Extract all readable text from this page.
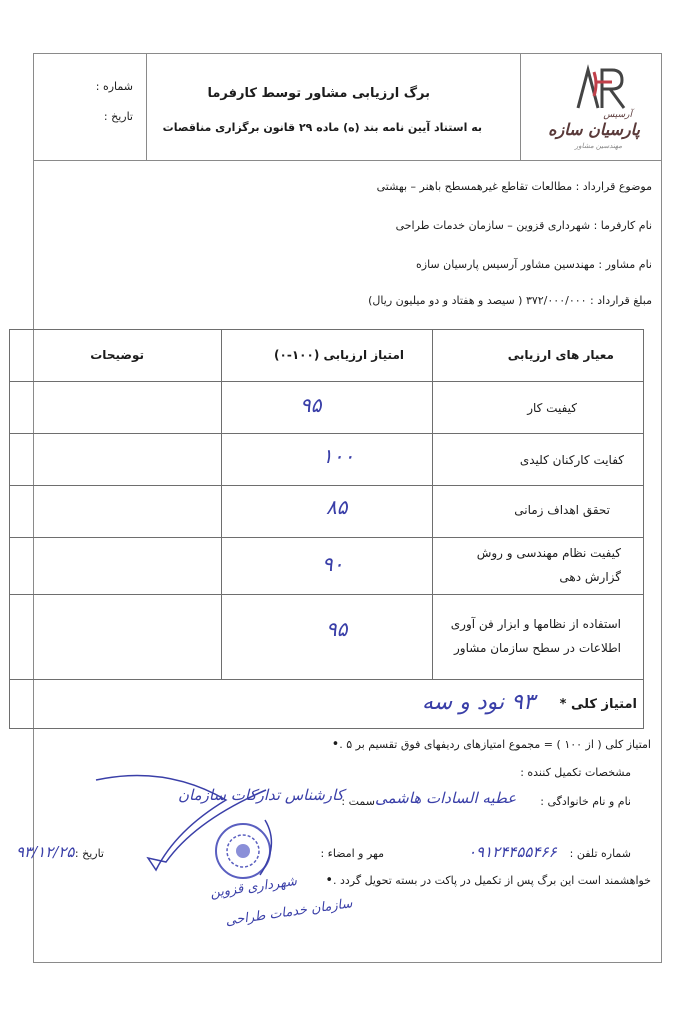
شماره :
تاریخ :
برگ ارزیابی مشاور توسط کارفرما
به استناد آیین نامه بند (ه) ماده ۲۹ قانون برگزاری مناقصات
آرسیس
پارسیان سازه
مهندسین مشاور
موضوع قرارداد : مطالعات تقاطع غیرهمسطح باهنر – بهشتی
نام کارفرما : شهرداری قزوین – سازمان خدمات طراحی
نام مشاور : مهندسین مشاور آرسیس پارسیان سازه
مبلغ قرارداد : ۳۷۲/۰۰۰/۰۰۰ ( سیصد و هفتاد و دو میلیون ریال)
معیار های ارزیابی
امتیاز ارزیابی (۱۰۰-۰)
توضیحات
کیفیت کار
۹۵
کفایت کارکنان کلیدی
۱۰۰
تحقق اهداف زمانی
۸۵
کیفیت نظام مهندسی و روش گزارش دهی
۹۰
استفاده از نظامها و ابزار فن آوری اطلاعات در سطح سازمان مشاور
۹۵
امتیاز کلی *
۹۳ نود و سه
امتیاز کلی ( از ۱۰۰ ) = مجموع امتیازهای ردیفهای فوق تقسیم بر ۵ .•
مشخصات تکمیل کننده :
نام و نام خانوادگی :
عطیه السادات هاشمی
سمت :
کارشناس تدارکات سازمان
شماره تلفن :
۰۹۱۲۴۴۵۵۴۶۶
مهر و امضاء :
تاریخ :
۹۳/۱۲/۲۵
خواهشمند است این برگ پس از تکمیل در پاکت در بسته تحویل گردد .•
شهرداری قزوین
سازمان خدمات طراحی
